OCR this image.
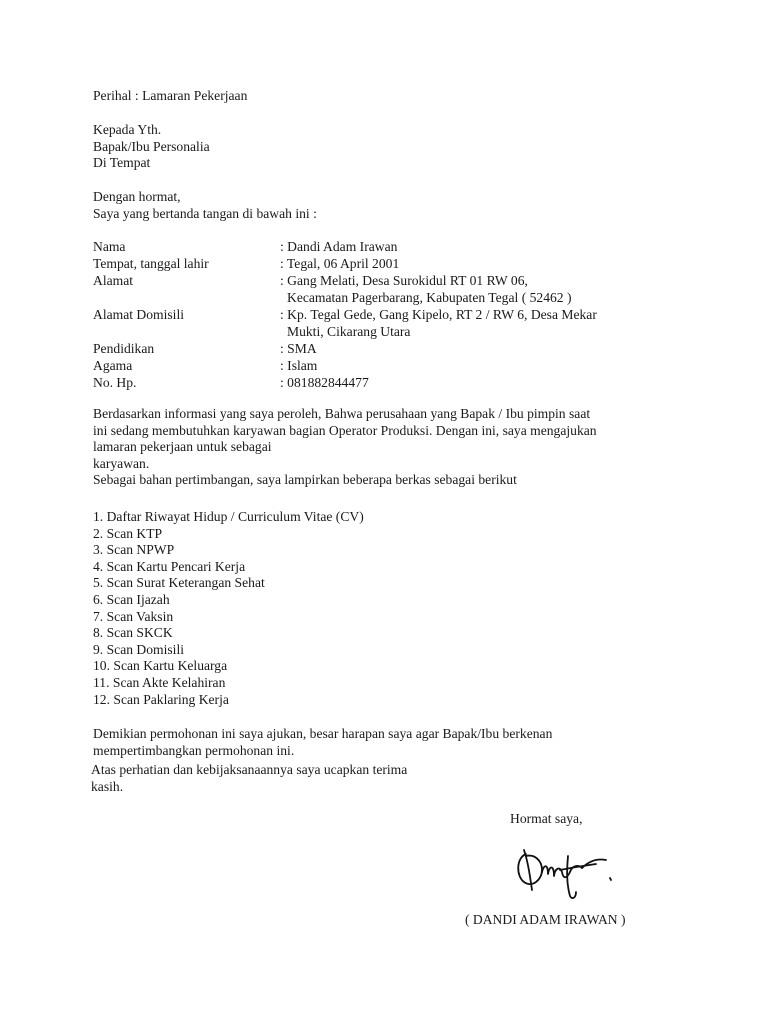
Perihal : Lamaran Pekerjaan
Kepada Yth.
Bapak/Ibu Personalia
Di Tempat
Dengan hormat,
Saya yang bertanda tangan di bawah ini :
Nama	: Dandi Adam Irawan
Tempat, tanggal lahir	: Tegal, 06 April 2001
Alamat	: Gang Melati, Desa Surokidul RT 01 RW 06,
Kecamatan Pagerbarang, Kabupaten Tegal ( 52462 )
Alamat Domisili	: Kp. Tegal Gede, Gang Kipelo, RT 2 / RW 6, Desa Mekar
Mukti, Cikarang Utara
Pendidikan	: SMA
Agama	: Islam
No. Hp.	: 081882844477
Berdasarkan informasi yang saya peroleh, Bahwa perusahaan yang Bapak / Ibu pimpin saat
ini sedang membutuhkan karyawan bagian Operator Produksi. Dengan ini, saya mengajukan
lamaran pekerjaan untuk sebagai
karyawan.
Sebagai bahan pertimbangan, saya lampirkan beberapa berkas sebagai berikut
1. Daftar Riwayat Hidup / Curriculum Vitae (CV)
2. Scan KTP
3. Scan NPWP
4. Scan Kartu Pencari Kerja
5. Scan Surat Keterangan Sehat
6. Scan Ijazah
7. Scan Vaksin
8. Scan SKCK
9. Scan Domisili
10. Scan Kartu Keluarga
11. Scan Akte Kelahiran
12. Scan Paklaring Kerja
Demikian permohonan ini saya ajukan, besar harapan saya agar Bapak/Ibu berkenan
mempertimbangkan permohonan ini.
Atas perhatian dan kebijaksanaannya saya ucapkan terima
kasih.
Hormat saya,
( DANDI ADAM IRAWAN )
